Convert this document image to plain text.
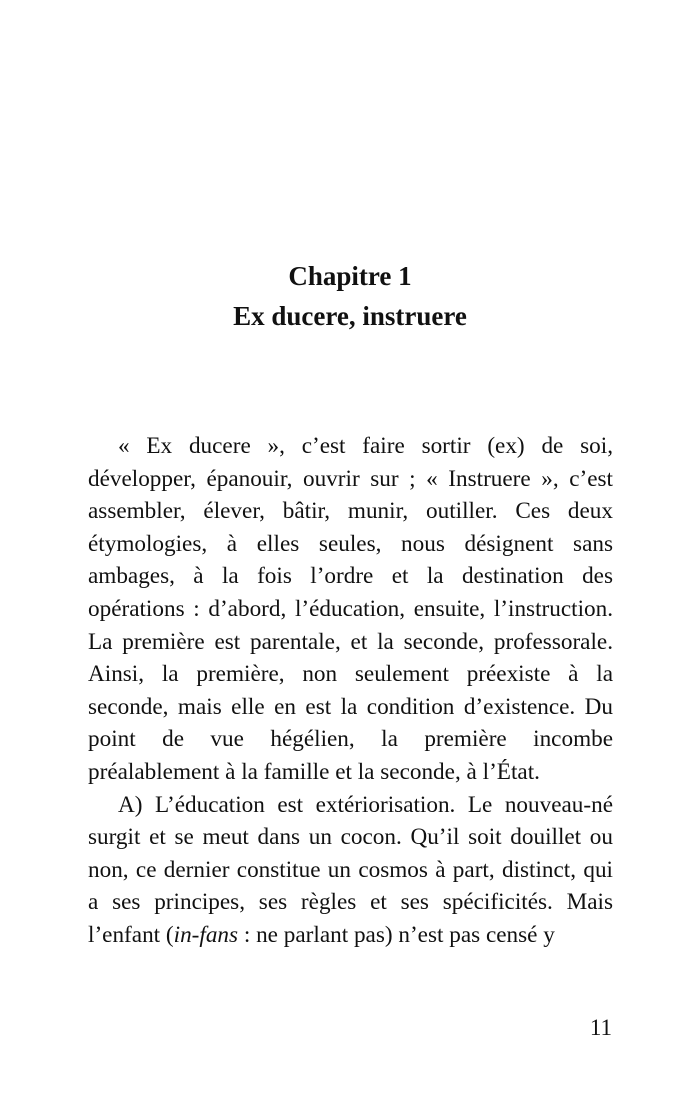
Chapitre 1
Ex ducere, instruere

« Ex ducere », c’est faire sortir (ex) de soi, développer, épanouir, ouvrir sur ; « Instruere », c’est assembler, élever, bâtir, munir, outiller. Ces deux étymologies, à elles seules, nous désignent sans ambages, à la fois l’ordre et la destination des opérations : d’abord, l’éducation, ensuite, l’instruction. La première est parentale, et la seconde, professorale. Ainsi, la première, non seulement préexiste à la seconde, mais elle en est la condition d’existence. Du point de vue hégélien, la première incombe préalablement à la famille et la seconde, à l’État.

A) L’éducation est extériorisation. Le nouveau-né surgit et se meut dans un cocon. Qu’il soit douillet ou non, ce dernier constitue un cosmos à part, distinct, qui a ses principes, ses règles et ses spécificités. Mais l’enfant (in-fans : ne parlant pas) n’est pas censé y

11
